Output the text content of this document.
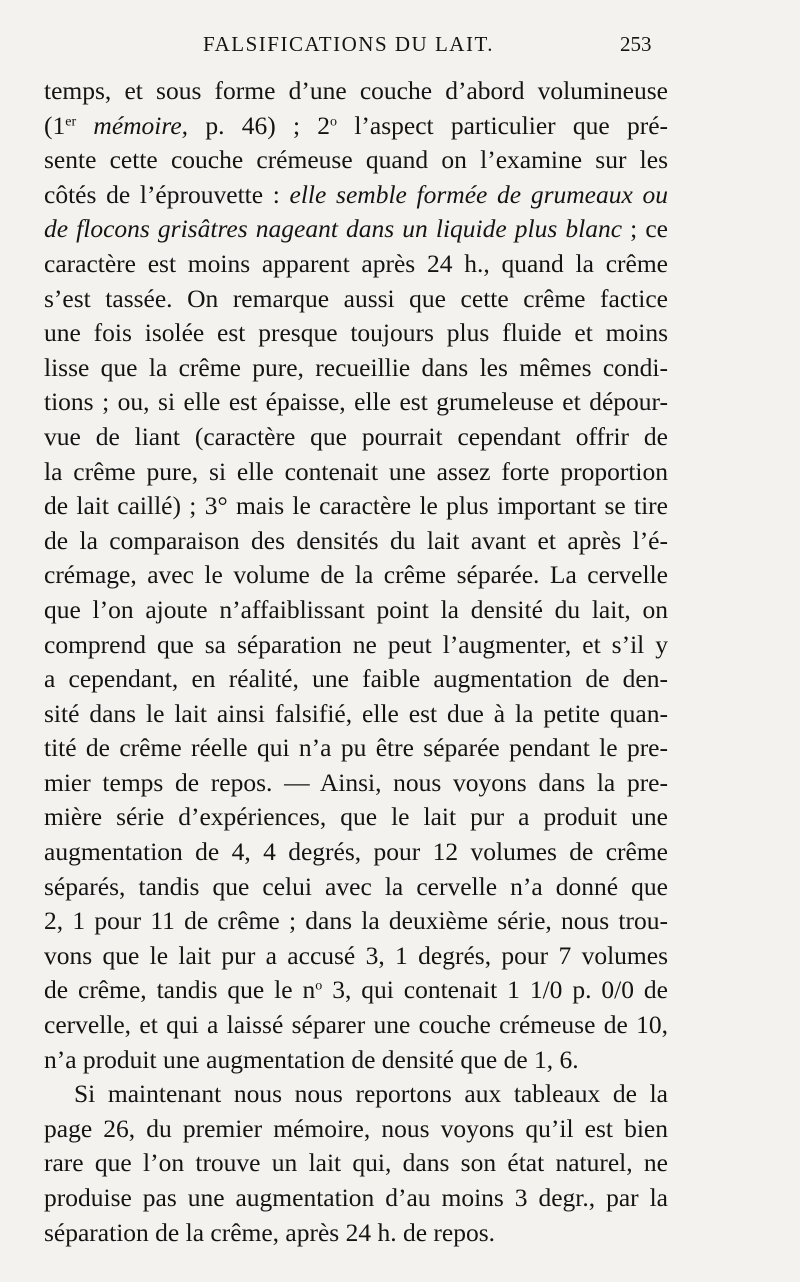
FALSIFICATIONS DU LAIT.	253
temps, et sous forme d’une couche d’abord volumineuse
(1er mémoire, p. 46) ; 2$^o$ l’aspect particulier que pré-
sente cette couche crémeuse quand on l’examine sur les
côtés de l’éprouvette : elle semble formée de grumeaux ou
de flocons grisâtres nageant dans un liquide plus blanc ; ce
caractère est moins apparent après 24 h., quand la crême
s’est tassée. On remarque aussi que cette crême factice
une fois isolée est presque toujours plus fluide et moins
lisse que la crême pure, recueillie dans les mêmes condi-
tions ; ou, si elle est épaisse, elle est grumeleuse et dépour-
vue de liant (caractère que pourrait cependant offrir de
la crême pure, si elle contenait une assez forte proportion
de lait caillé) ; 3° mais le caractère le plus important se tire
de la comparaison des densités du lait avant et après l’é-
crémage, avec le volume de la crême séparée. La cervelle
que l’on ajoute n’affaiblissant point la densité du lait, on
comprend que sa séparation ne peut l’augmenter, et s’il y
a cependant, en réalité, une faible augmentation de den-
sité dans le lait ainsi falsifié, elle est due à la petite quan-
tité de crême réelle qui n’a pu être séparée pendant le pre-
mier temps de repos. — Ainsi, nous voyons dans la pre-
mière série d’expériences, que le lait pur a produit une
augmentation de 4, 4 degrés, pour 12 volumes de crême
séparés, tandis que celui avec la cervelle n’a donné que
2, 1 pour 11 de crême ; dans la deuxième série, nous trou-
vons que le lait pur a accusé 3, 1 degrés, pour 7 volumes
de crême, tandis que le $n^o$ 3, qui contenait 1 1/0 p. 0/0 de
cervelle, et qui a laissé séparer une couche crémeuse de 10,
n’a produit une augmentation de densité que de 1, 6.
Si maintenant nous nous reportons aux tableaux de la
page 26, du premier mémoire, nous voyons qu’il est bien
rare que l’on trouve un lait qui, dans son état naturel, ne
produise pas une augmentation d’au moins 3 degr., par la
séparation de la crême, après 24 h. de repos.
